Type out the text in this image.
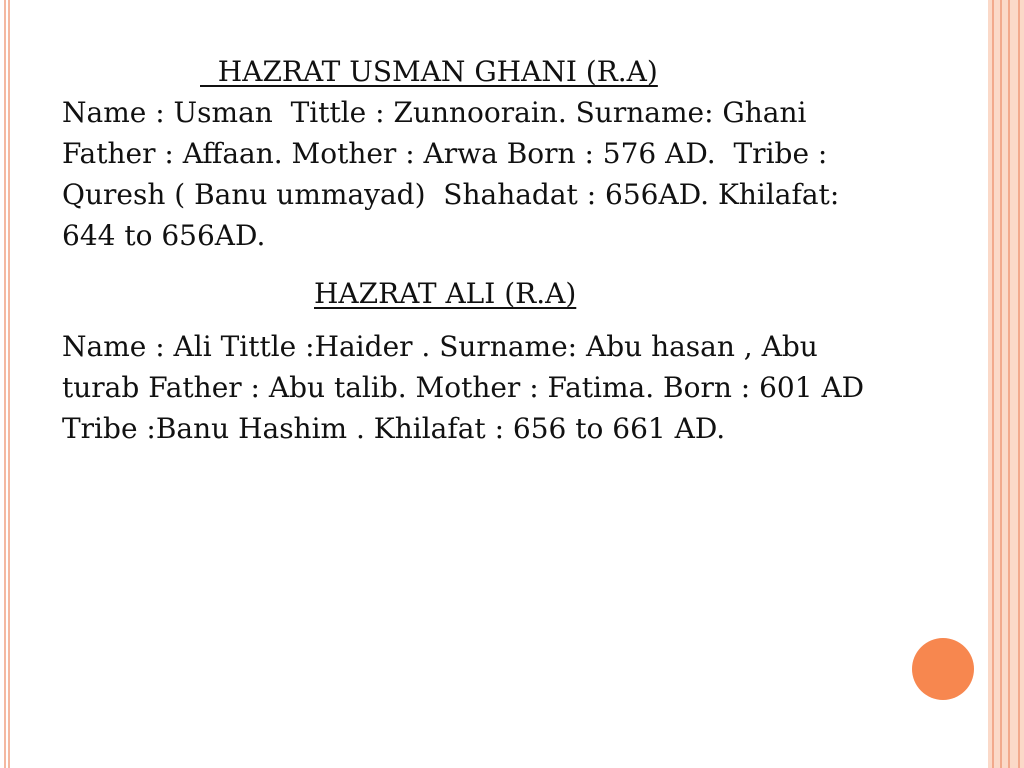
HAZRAT USMAN GHANI (R.A)

Name : Usman  Tittle : Zunnoorain. Surname: Ghani   Father : Affaan. Mother : Arwa Born : 576 AD.  Tribe : Quresh ( Banu ummayad)  Shahadat : 656AD. Khilafat: 644 to 656AD.

HAZRAT ALI (R.A)

Name : Ali Tittle :Haider . Surname: Abu hasan , Abu turab Father : Abu talib. Mother : Fatima. Born : 601 AD Tribe :Banu Hashim . Khilafat : 656 to 661 AD.
